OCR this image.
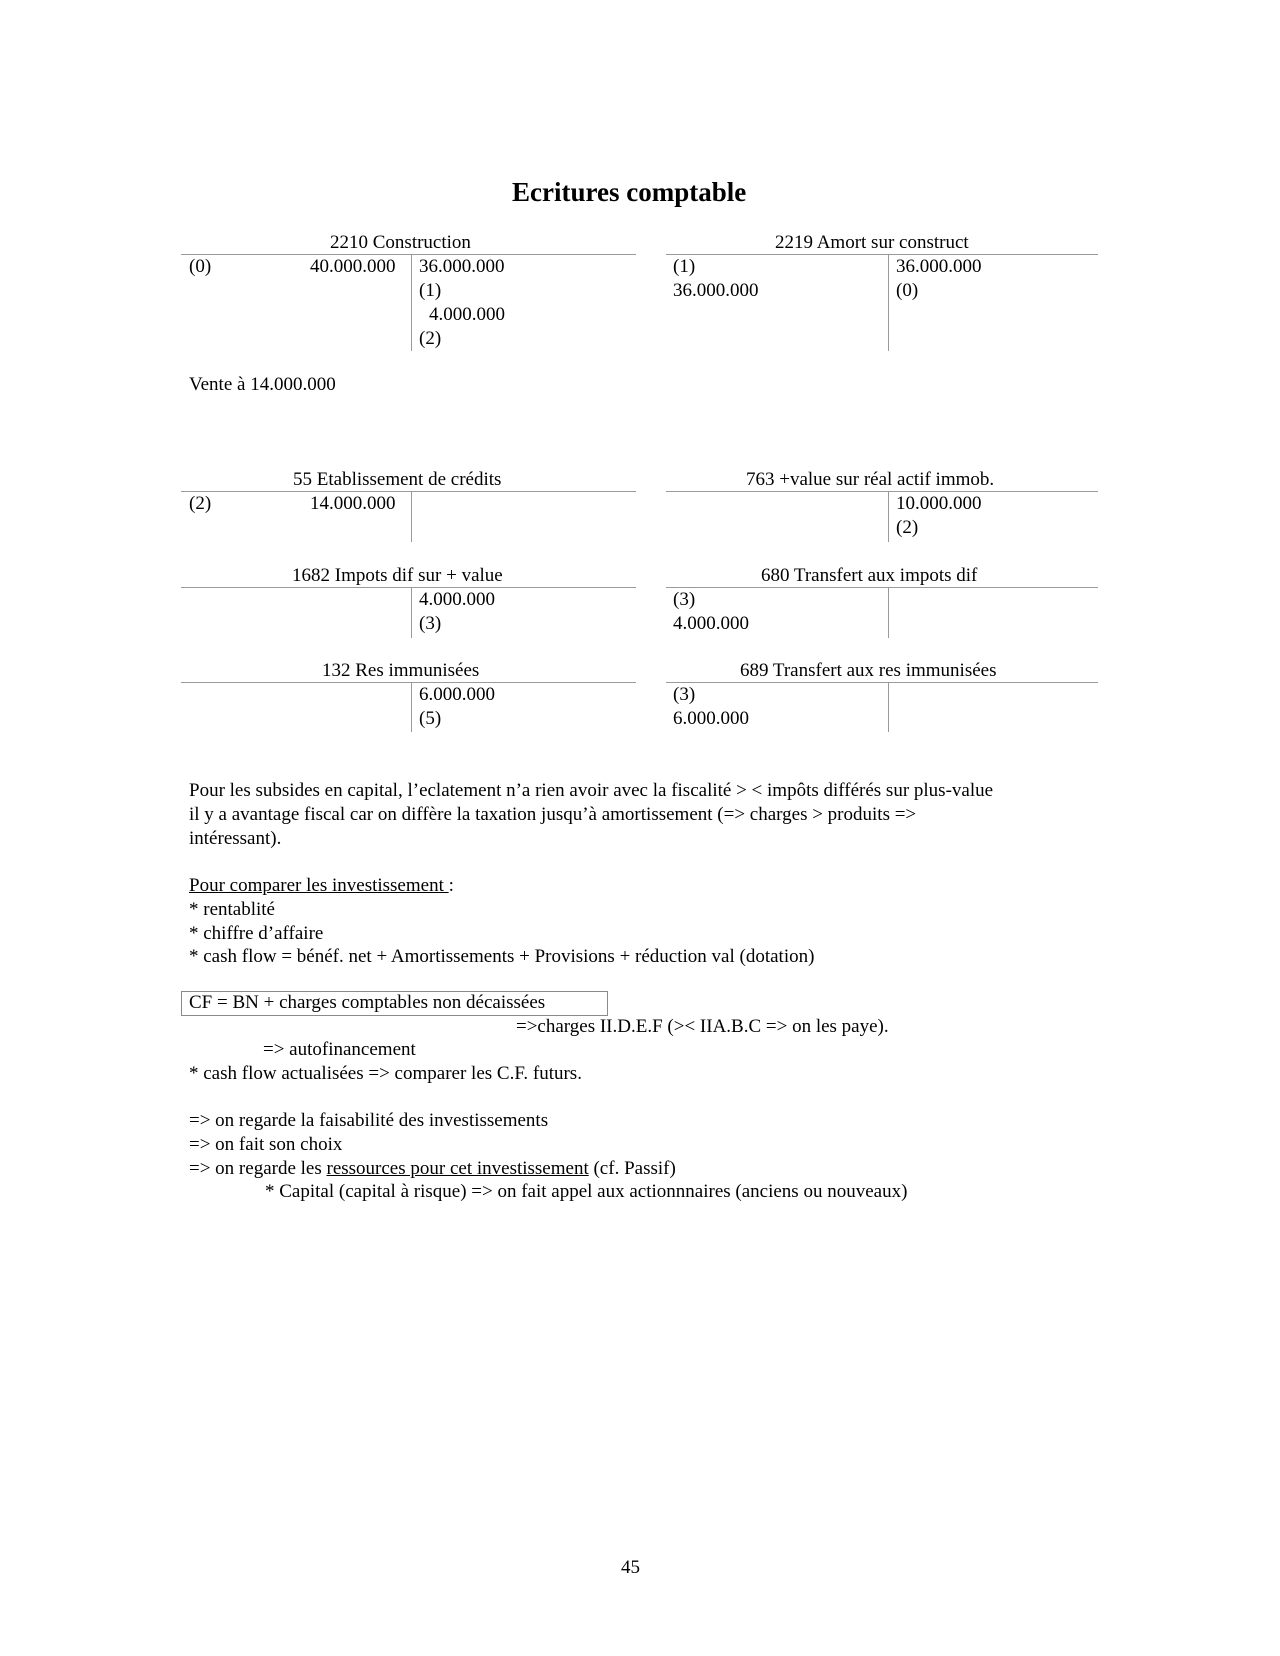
Ecritures comptable
2210 Construction
(0)	40.000.000 36.000.000
(1)
4.000.000
(2)
2219 Amort sur construct
(1)
36.000.000
36.000.000
(0)
Vente à 14.000.000
55 Etablissement de crédits
(2)	14.000.000
763 +value sur réal actif immob.
10.000.000
(2)
1682 Impots dif sur + value
4.000.000
(3)
680 Transfert aux impots dif
(3)
4.000.000
132 Res immunisées
6.000.000
(5)
689 Transfert aux res immunisées
(3)
6.000.000
Pour les subsides en capital, l’eclatement n’a rien avoir avec la fiscalité > < impôts différés sur plus-value
il y a avantage fiscal car on diffère la taxation jusqu’à amortissement (=> charges > produits =>
intéressant).
Pour comparer les investissement :
* rentablité
* chiffre d’affaire
* cash flow = bénéf. net + Amortissements + Provisions + réduction val (dotation)
CF = BN + charges comptables non décaissées
=>charges II.D.E.F (>< IIA.B.C => on les paye).
=> autofinancement
* cash flow actualisées => comparer les C.F. futurs.
=> on regarde la faisabilité des investissements
=> on fait son choix
=> on regarde les ressources pour cet investissement (cf. Passif)
* Capital (capital à risque) => on fait appel aux actionnnaires (anciens ou nouveaux)
45
